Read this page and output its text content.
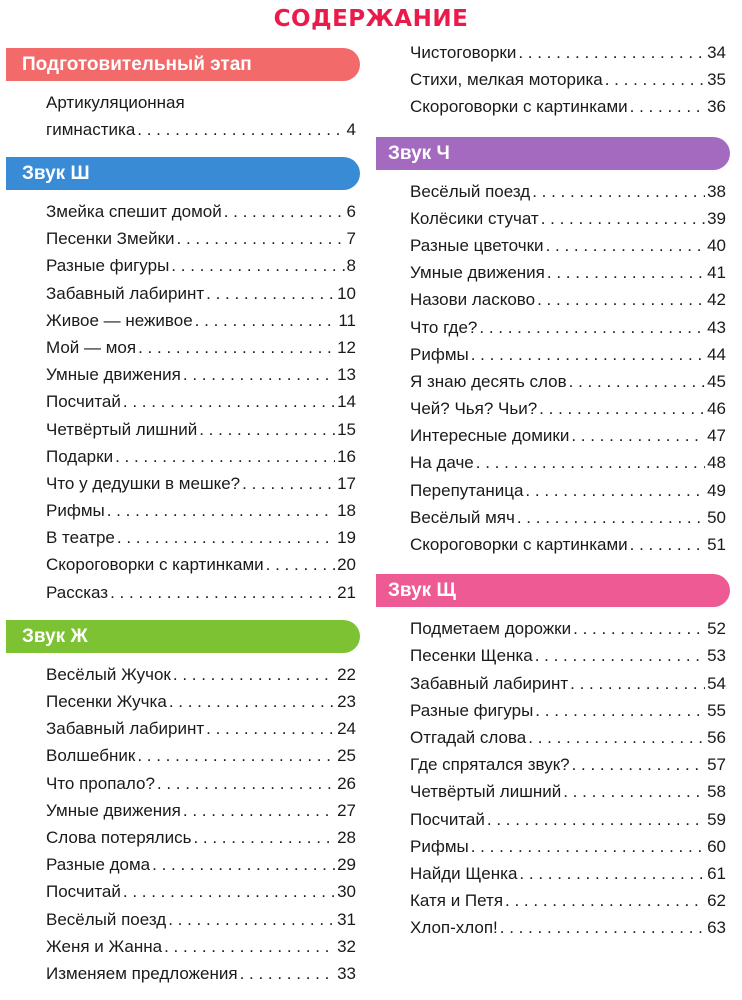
СОДЕРЖАНИЕ
Подготовительный этап
Артикуляционная
гимнастика . . .	4
Звук Ш
Змейка спешит домой . . .	6
Песенки Змейки . . .	7
Разные фигуры . . .	8
Забавный лабиринт . . .	10
Живое — неживое . . .	11
Мой — моя . . .	12
Умные движения . . .	13
Посчитай . . .	14
Четвёртый лишний . . .	15
Подарки . . .	16
Что у дедушки в мешке? . . .	17
Рифмы . . .	18
В театре . . .	19
Скороговорки с картинками . . .	20
Рассказ . . .	21
Звук Ж
Весёлый Жучок . . .	22
Песенки Жучка . . .	23
Забавный лабиринт . . .	24
Волшебник . . .	25
Что пропало? . . .	26
Умные движения . . .	27
Слова потерялись . . .	28
Разные дома . . .	29
Посчитай . . .	30
Весёлый поезд . . .	31
Женя и Жанна . . .	32
Изменяем предложения . . .	33
Чистоговорки . . .	34
Стихи, мелкая моторика . . .	35
Скороговорки с картинками . . .	36
Звук Ч
Весёлый поезд . . .	38
Колёсики стучат . . .	39
Разные цветочки . . .	40
Умные движения . . .	41
Назови ласково . . .	42
Что где? . . .	43
Рифмы . . .	44
Я знаю десять слов . . .	45
Чей? Чья? Чьи? . . .	46
Интересные домики . . .	47
На даче . . .	48
Перепутаница . . .	49
Весёлый мяч . . .	50
Скороговорки с картинками . . .	51
Звук Щ
Подметаем дорожки . . .	52
Песенки Щенка . . .	53
Забавный лабиринт . . .	54
Разные фигуры . . .	55
Отгадай слова . . .	56
Где спрятался звук? . . .	57
Четвёртый лишний . . .	58
Посчитай . . .	59
Рифмы . . .	60
Найди Щенка . . .	61
Катя и Петя . . .	62
Хлоп-хлоп! . . .	63
